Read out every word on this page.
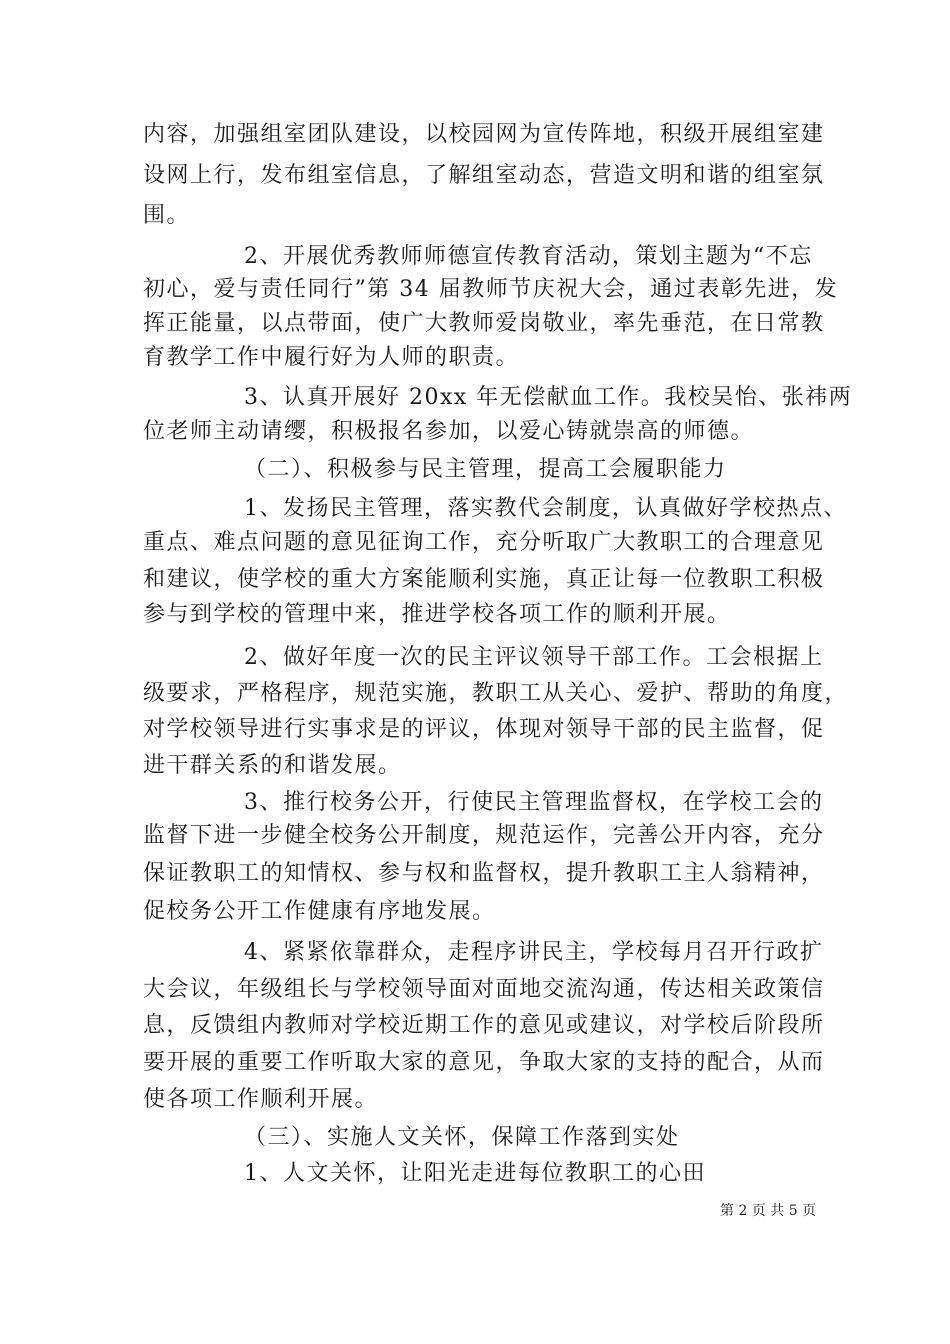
内容，加强组室团队建设，以校园网为宣传阵地，积级开展组室建
设网上行，发布组室信息，了解组室动态，营造文明和谐的组室氛
围。
2、开展优秀教师师德宣传教育活动，策划主题为“不忘
初心，爱与责任同行”第 34 届教师节庆祝大会，通过表彰先进，发
挥正能量，以点带面，使广大教师爱岗敬业，率先垂范，在日常教
育教学工作中履行好为人师的职责。
3、认真开展好 20xx 年无偿献血工作。我校吴怡、张祎两
位老师主动请缨，积极报名参加，以爱心铸就崇高的师德。
（二）、积极参与民主管理，提高工会履职能力
1、发扬民主管理，落实教代会制度，认真做好学校热点、
重点、难点问题的意见征询工作，充分听取广大教职工的合理意见
和建议，使学校的重大方案能顺利实施，真正让每一位教职工积极
参与到学校的管理中来，推进学校各项工作的顺利开展。
2、做好年度一次的民主评议领导干部工作。工会根据上
级要求，严格程序，规范实施，教职工从关心、爱护、帮助的角度，
对学校领导进行实事求是的评议，体现对领导干部的民主监督，促
进干群关系的和谐发展。
3、推行校务公开，行使民主管理监督权，在学校工会的
监督下进一步健全校务公开制度，规范运作，完善公开内容，充分
保证教职工的知情权、参与权和监督权，提升教职工主人翁精神，
促校务公开工作健康有序地发展。
4、紧紧依靠群众，走程序讲民主，学校每月召开行政扩
大会议，年级组长与学校领导面对面地交流沟通，传达相关政策信
息，反馈组内教师对学校近期工作的意见或建议，对学校后阶段所
要开展的重要工作听取大家的意见，争取大家的支持的配合，从而
使各项工作顺利开展。
（三）、实施人文关怀，保障工作落到实处
1、人文关怀，让阳光走进每位教职工的心田
第 2 页 共 5 页
